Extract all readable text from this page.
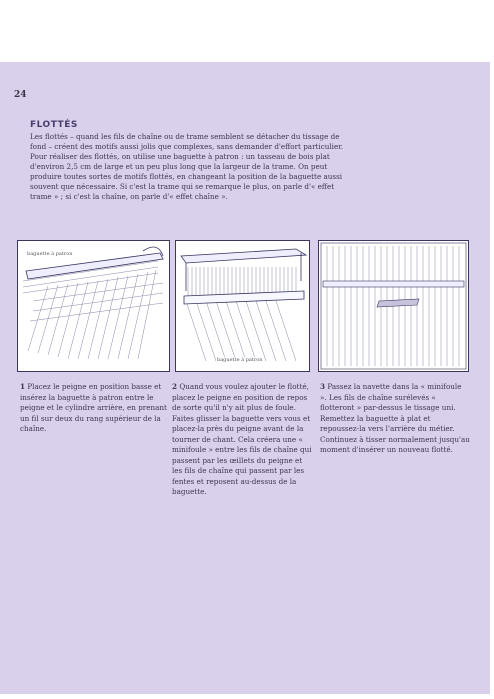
24
FLOTTÉS

Les flottés – quand les fils de chaîne ou de trame semblent se détacher du tissage de fond – créent des motifs aussi jolis que complexes, sans demander d'effort particulier. Pour réaliser des flottés, on utilise une baguette à patron : un tasseau de bois plat d'environ 2,5 cm de large et un peu plus long que la largeur de la trame. On peut produire toutes sortes de motifs flottés, en changeant la position de la baguette aussi souvent que nécessaire. Si c'est la trame qui se remarque le plus, on parle d'« effet trame » ; si c'est la chaîne, on parle d'« effet chaîne ».

baguette à patron
baguette à patron
1 Placez le peigne en position basse et insérez la baguette à patron entre le peigne et le cylindre arrière, en prenant un fil sur deux du rang supérieur de la chaîne.
2 Quand vous voulez ajouter le flotté, placez le peigne en position de repos de sorte qu'il n'y ait plus de foule. Faites glisser la baguette vers vous et placez-la près du peigne avant de la tourner de chant. Cela créera une « minifoule » entre les fils de chaîne qui passent par les œillets du peigne et les fils de chaîne qui passent par les fentes et reposent au-dessus de la baguette.
3 Passez la navette dans la « minifoule ». Les fils de chaîne surélevés « flotteront » par-dessus le tissage uni. Remettez la baguette à plat et repoussez-la vers l'arrière du métier. Continuez à tisser normalement jusqu'au moment d'insérer un nouveau flotté.
